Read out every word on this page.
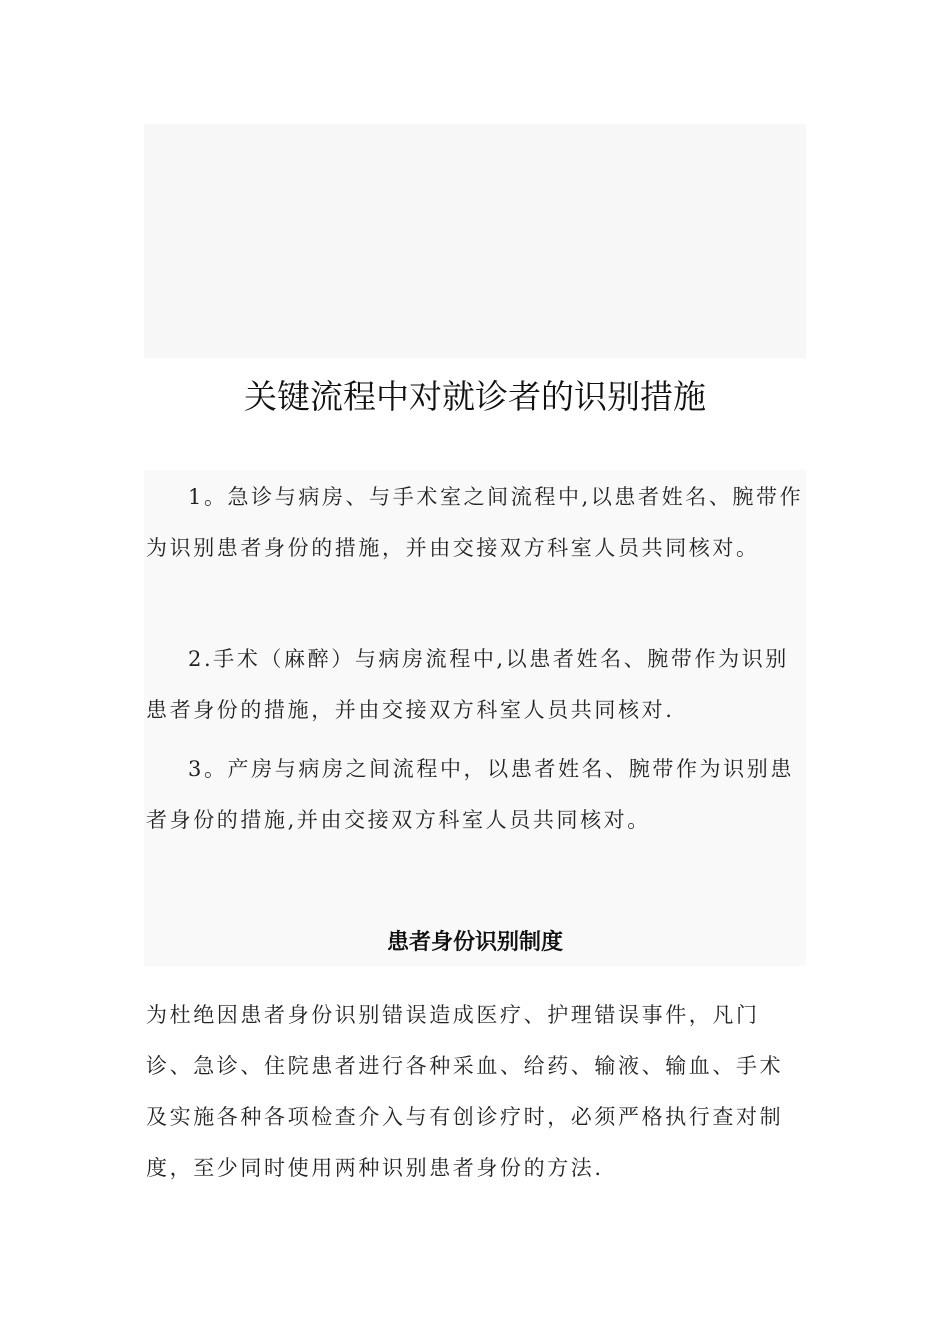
关键流程中对就诊者的识别措施

1。急诊与病房、与手术室之间流程中,以患者姓名、腕带作为识别患者身份的措施，并由交接双方科室人员共同核对。

2.手术（麻醉）与病房流程中,以患者姓名、腕带作为识别患者身份的措施，并由交接双方科室人员共同核对.

3。产房与病房之间流程中，以患者姓名、腕带作为识别患者身份的措施,并由交接双方科室人员共同核对。

患者身份识别制度

为杜绝因患者身份识别错误造成医疗、护理错误事件，凡门诊、急诊、住院患者进行各种采血、给药、输液、输血、手术及实施各种各项检查介入与有创诊疗时，必须严格执行查对制度，至少同时使用两种识别患者身份的方法.
